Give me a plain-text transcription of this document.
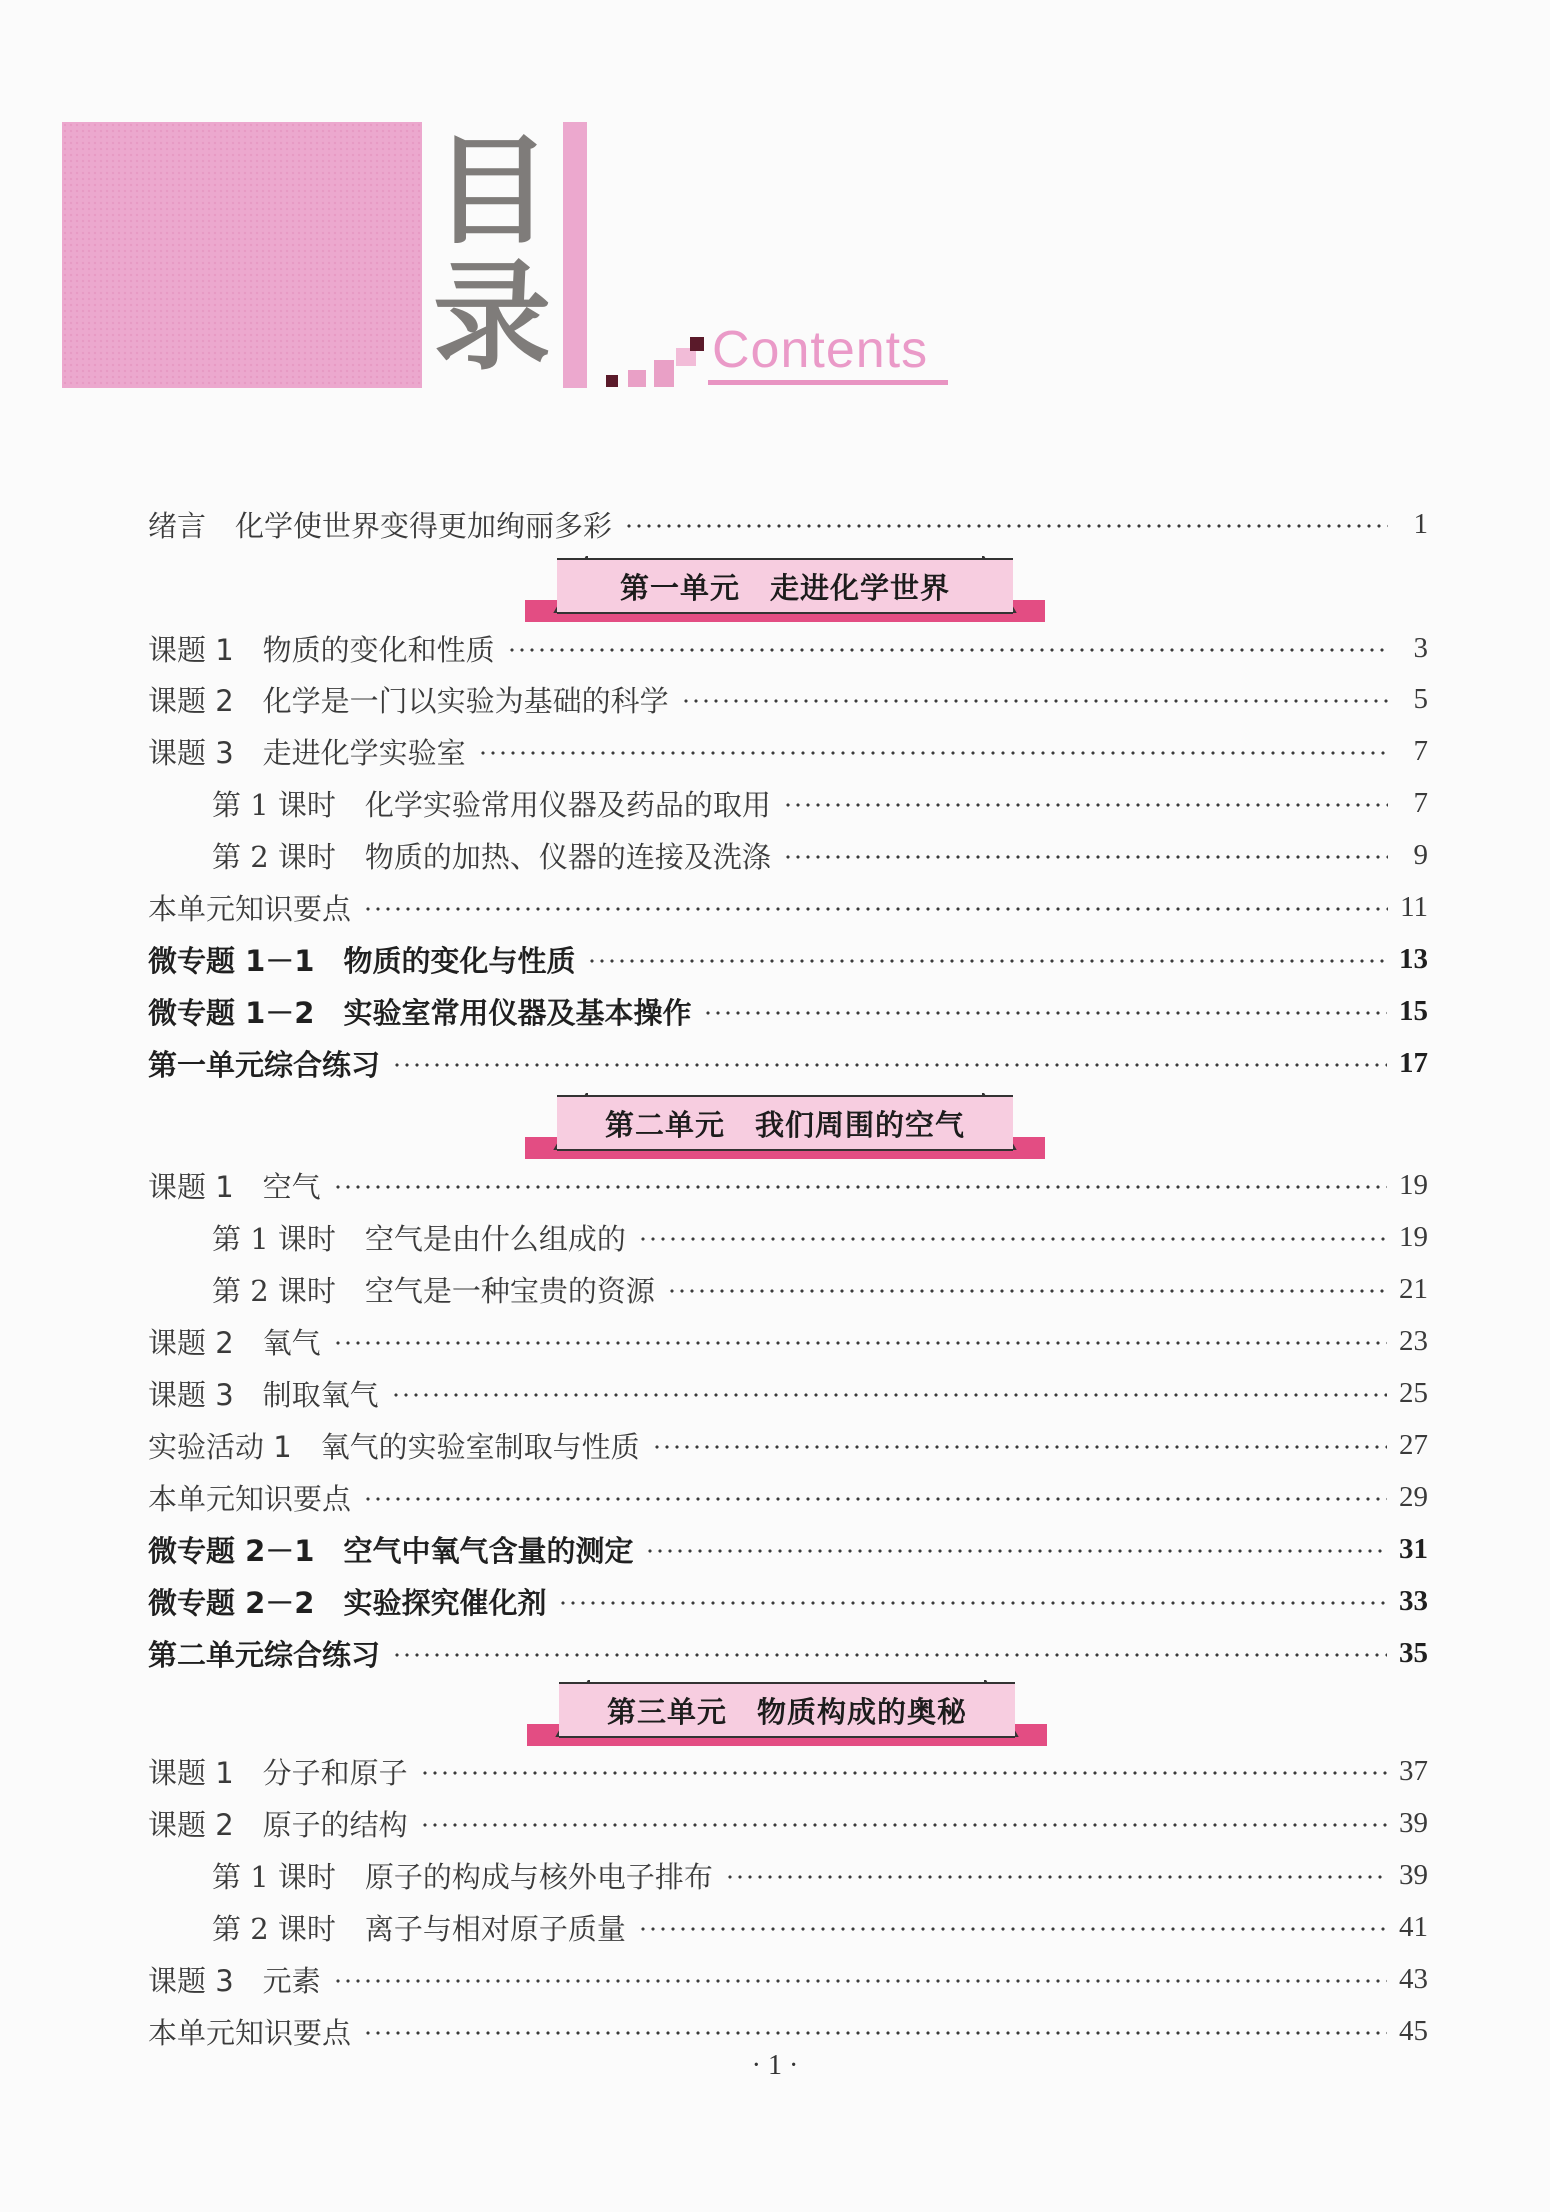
目
录	Contents
绪言　化学使世界变得更加绚丽多彩	1
第一单元　走进化学世界
课题 1　物质的变化和性质	3
课题 2　化学是一门以实验为基础的科学	5
课题 3　走进化学实验室	7
第 1 课时　化学实验常用仪器及药品的取用	7
第 2 课时　物质的加热、仪器的连接及洗涤	9
本单元知识要点	11
微专题 1－1　物质的变化与性质	13
微专题 1－2　实验室常用仪器及基本操作	15
第一单元综合练习	17
第二单元　我们周围的空气
课题 1　空气	19
第 1 课时　空气是由什么组成的	19
第 2 课时　空气是一种宝贵的资源	21
课题 2　氧气	23
课题 3　制取氧气	25
实验活动 1　氧气的实验室制取与性质	27
本单元知识要点	29
微专题 2－1　空气中氧气含量的测定	31
微专题 2－2　实验探究催化剂	33
第二单元综合练习	35
第三单元　物质构成的奥秘
课题 1　分子和原子	37
课题 2　原子的结构	39
第 1 课时　原子的构成与核外电子排布	39
第 2 课时　离子与相对原子质量	41
课题 3　元素	43
本单元知识要点	45
· 1 ·
